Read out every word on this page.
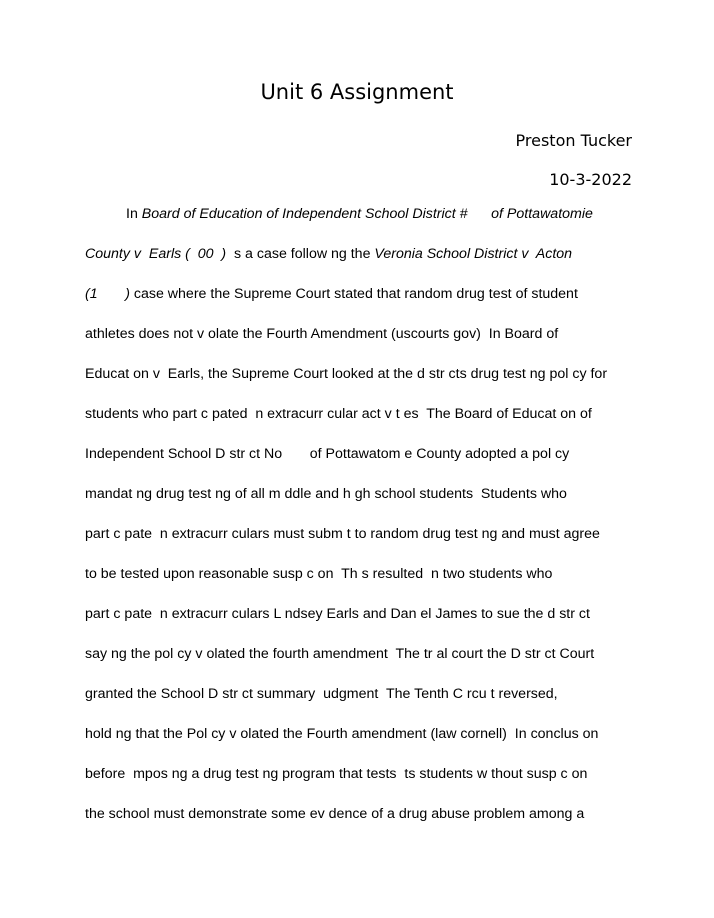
Unit 6 Assignment
Preston Tucker
10-3-2022
In Board of Education of Independent School District #      of Pottawatomie
County v  Earls (  00  )  s a case follow ng the Veronia School District v  Acton
(1       ) case where the Supreme Court stated that random drug test of student
athletes does not v olate the Fourth Amendment (uscourts gov)  In Board of
Educat on v  Earls, the Supreme Court looked at the d str cts drug test ng pol cy for
students who part c pated  n extracurr cular act v t es  The Board of Educat on of
Independent School D str ct No       of Pottawatom e County adopted a pol cy
mandat ng drug test ng of all m ddle and h gh school students  Students who
part c pate  n extracurr culars must subm t to random drug test ng and must agree
to be tested upon reasonable susp c on  Th s resulted  n two students who
part c pate  n extracurr culars L ndsey Earls and Dan el James to sue the d str ct
say ng the pol cy v olated the fourth amendment  The tr al court the D str ct Court
granted the School D str ct summary  udgment  The Tenth C rcu t reversed,
hold ng that the Pol cy v olated the Fourth amendment (law cornell)  In conclus on
before  mpos ng a drug test ng program that tests  ts students w thout susp c on
the school must demonstrate some ev dence of a drug abuse problem among a
